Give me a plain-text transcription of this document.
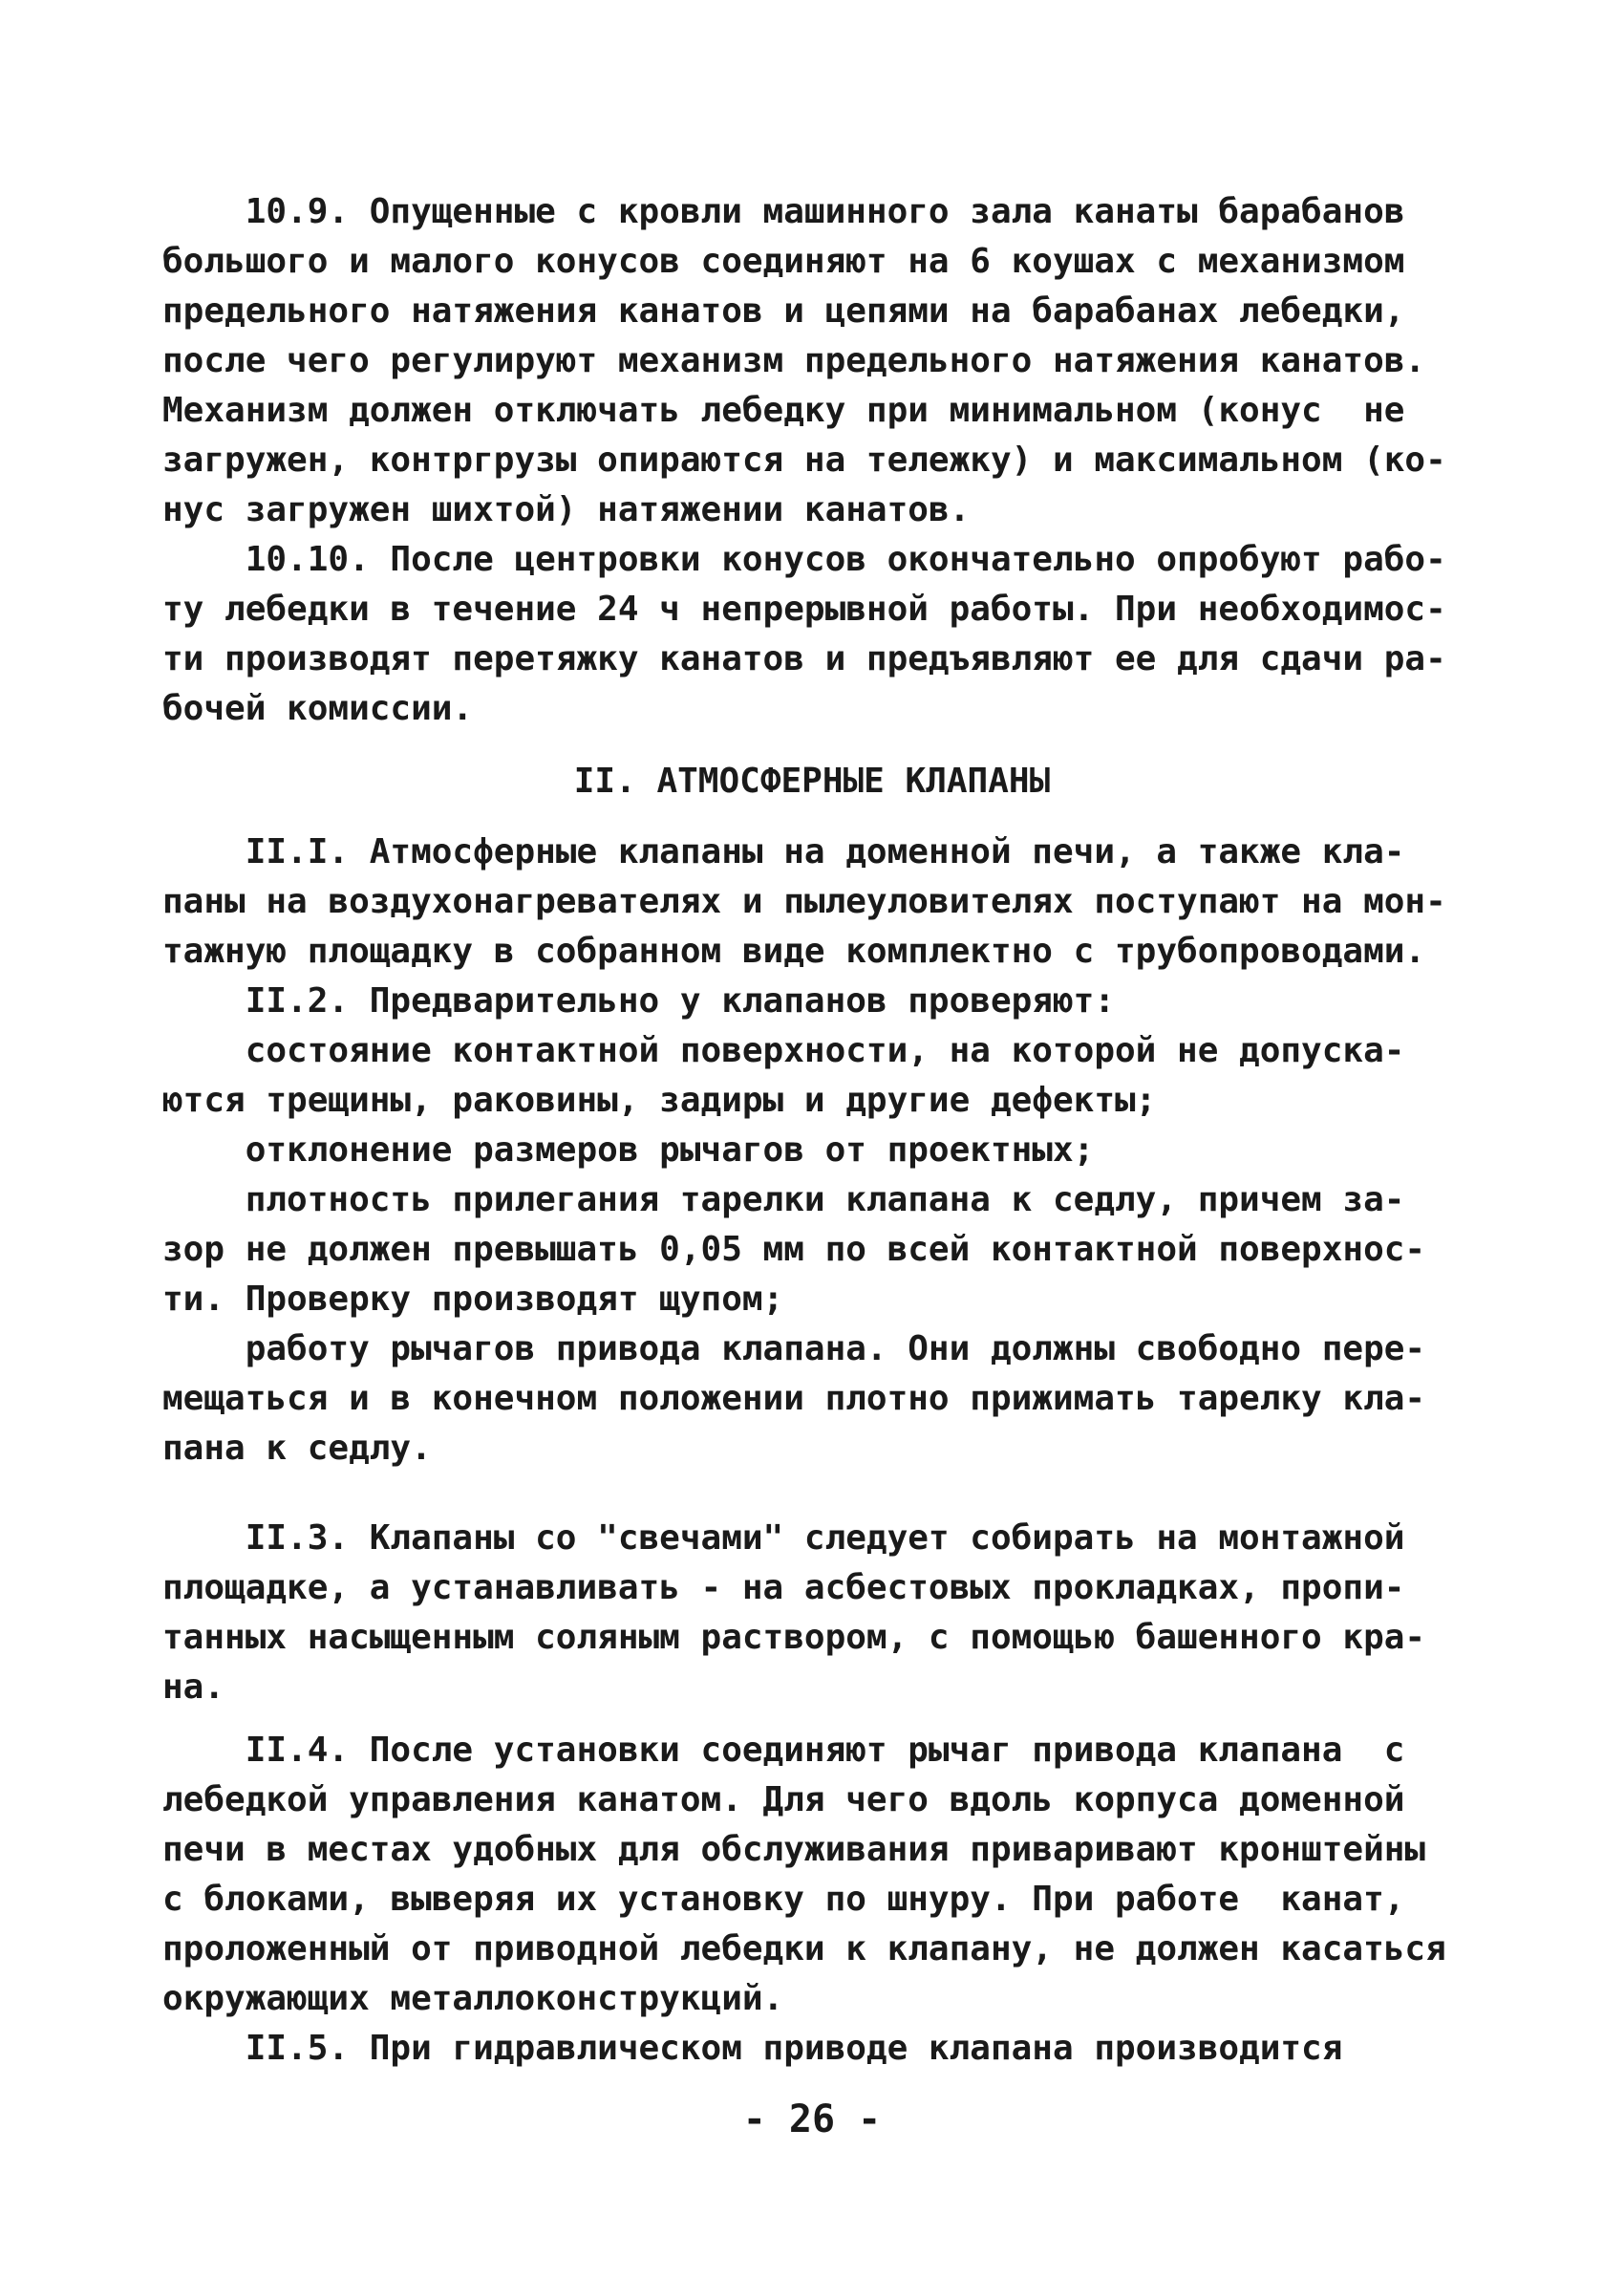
10.9. Опущенные с кровли машинного зала канаты барабанов
большого и малого конусов соединяют на 6 коушах с механизмом
предельного натяжения канатов и цепями на барабанах лебедки,
после чего регулируют механизм предельного натяжения канатов.
Механизм должен отключать лебедку при минимальном (конус  не
загружен, контргрузы опираются на тележку) и максимальном (ко-
нус загружен шихтой) натяжении канатов.
10.10. После центровки конусов окончательно опробуют рабо-
ту лебедки в течение 24 ч непрерывной работы. При необходимос-
ти производят перетяжку канатов и предъявляют ее для сдачи ра-
бочей комиссии.
II. АТМОСФЕРНЫЕ КЛАПАНЫ
II.I. Атмосферные клапаны на доменной печи, а также кла-
паны на воздухонагревателях и пылеуловителях поступают на мон-
тажную площадку в собранном виде комплектно с трубопроводами.
II.2. Предварительно у клапанов проверяют:
состояние контактной поверхности, на которой не допуска-
ются трещины, раковины, задиры и другие дефекты;
отклонение размеров рычагов от проектных;
плотность прилегания тарелки клапана к седлу, причем за-
зор не должен превышать 0,05 мм по всей контактной поверхнос-
ти. Проверку производят щупом;
работу рычагов привода клапана. Они должны свободно пере-
мещаться и в конечном положении плотно прижимать тарелку кла-
пана к седлу.
II.3. Клапаны со "свечами" следует собирать на монтажной
площадке, а устанавливать - на асбестовых прокладках, пропи-
танных насыщенным соляным раствором, с помощью башенного кра-
на.
II.4. После установки соединяют рычаг привода клапана  с
лебедкой управления канатом. Для чего вдоль корпуса доменной
печи в местах удобных для обслуживания приваривают кронштейны
с блоками, выверяя их установку по шнуру. При работе  канат,
проложенный от приводной лебедки к клапану, не должен касаться
окружающих металлоконструкций.
II.5. При гидравлическом приводе клапана производится
- 26 -
